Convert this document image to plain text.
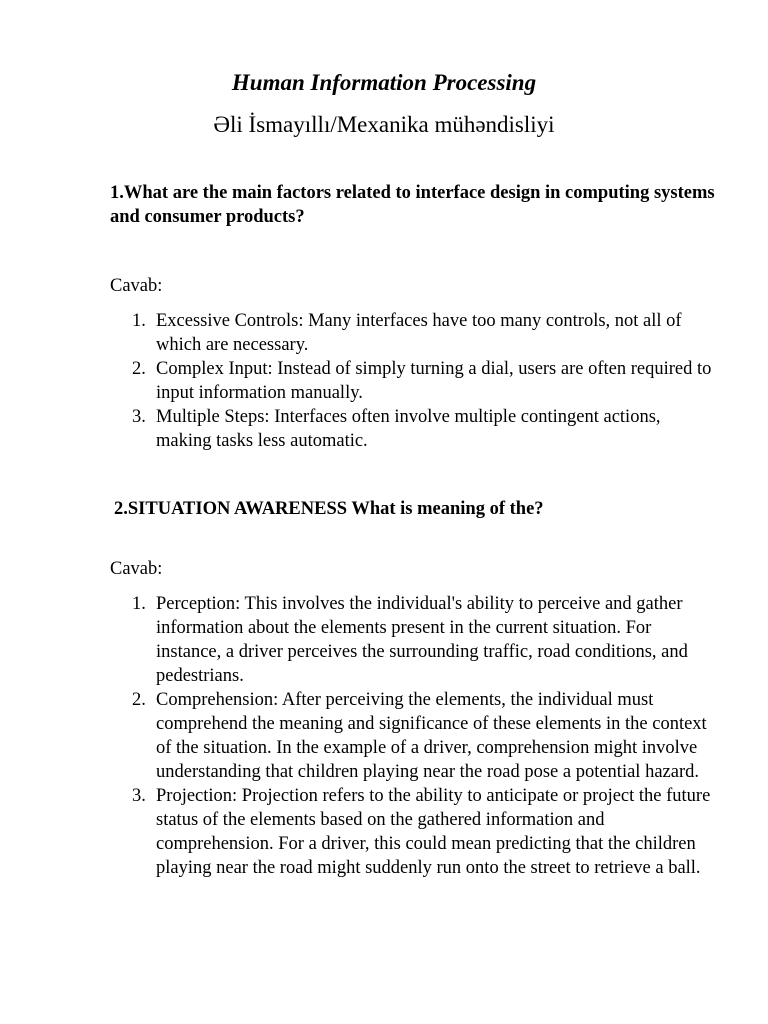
Human Information Processing
Əli İsmayıllı/Mexanika mühəndisliyi
1.What are the main factors related to interface design in computing systems and consumer products?
Cavab:
1. Excessive Controls: Many interfaces have too many controls, not all of which are necessary.
2. Complex Input: Instead of simply turning a dial, users are often required to input information manually.
3. Multiple Steps: Interfaces often involve multiple contingent actions, making tasks less automatic.
2.SITUATION AWARENESS What is meaning of the?
Cavab:
1. Perception: This involves the individual's ability to perceive and gather information about the elements present in the current situation. For instance, a driver perceives the surrounding traffic, road conditions, and pedestrians.
2. Comprehension: After perceiving the elements, the individual must comprehend the meaning and significance of these elements in the context of the situation. In the example of a driver, comprehension might involve understanding that children playing near the road pose a potential hazard.
3. Projection: Projection refers to the ability to anticipate or project the future status of the elements based on the gathered information and comprehension. For a driver, this could mean predicting that the children playing near the road might suddenly run onto the street to retrieve a ball.
